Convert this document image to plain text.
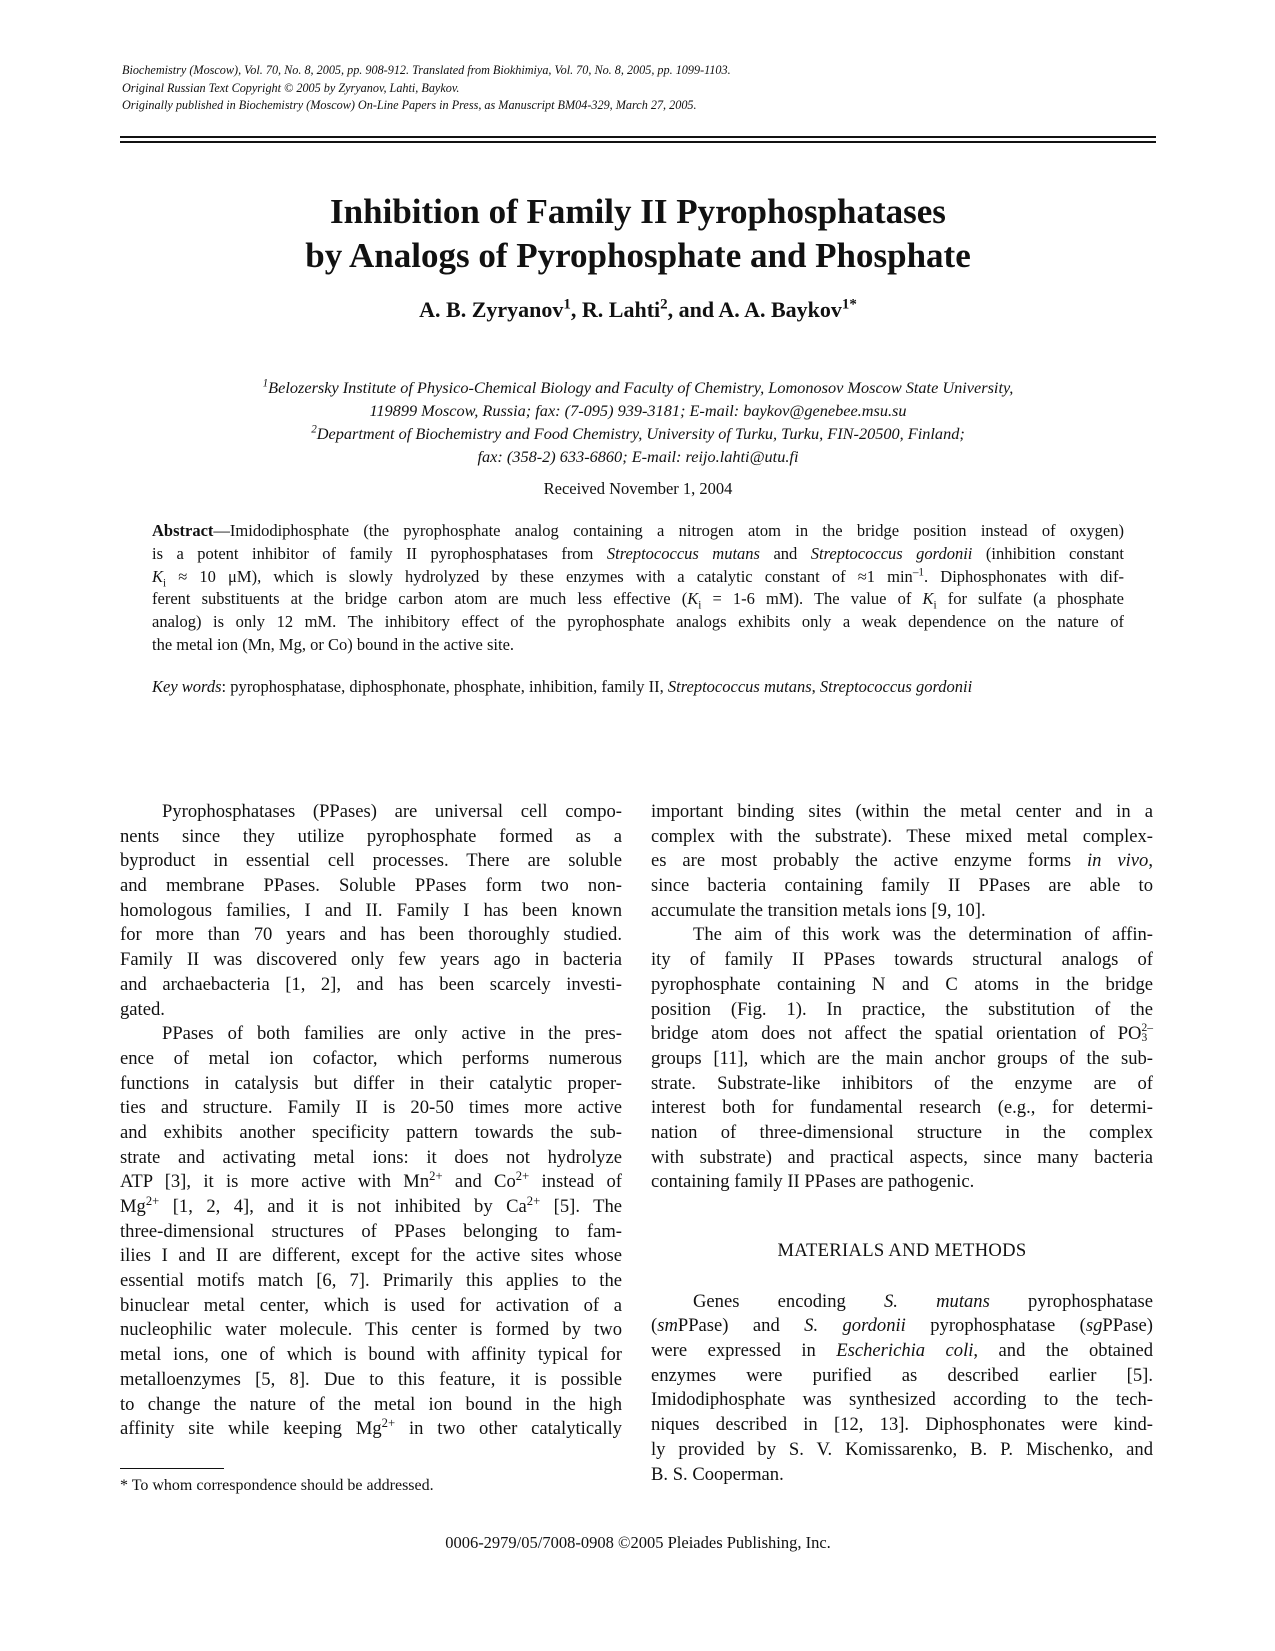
Biochemistry (Moscow), Vol. 70, No. 8, 2005, pp. 908-912. Translated from Biokhimiya, Vol. 70, No. 8, 2005, pp. 1099-1103.
Original Russian Text Copyright © 2005 by Zyryanov, Lahti, Baykov.
Originally published in Biochemistry (Moscow) On-Line Papers in Press, as Manuscript BM04-329, March 27, 2005.
Inhibition of Family II Pyrophosphatases
by Analogs of Pyrophosphate and Phosphate
A. B. Zyryanov$^1$, R. Lahti$^2$, and A. A. Baykov$^{1*}$
$^1$Belozersky Institute of Physico-Chemical Biology and Faculty of Chemistry, Lomonosov Moscow State University,
119899 Moscow, Russia; fax: (7-095) 939-3181; E-mail: baykov@genebee.msu.su
$^2$Department of Biochemistry and Food Chemistry, University of Turku, Turku, FIN-20500, Finland;
fax: (358-2) 633-6860; E-mail: reijo.lahti@utu.fi
Received November 1, 2004
Abstract—Imidodiphosphate (the pyrophosphate analog containing a nitrogen atom in the bridge position instead of oxygen)
is a potent inhibitor of family II pyrophosphatases from Streptococcus mutans and Streptococcus gordonii (inhibition constant
$K_i \approx 10$ μM), which is slowly hydrolyzed by these enzymes with a catalytic constant of ≈1 $\min^{-1}$. Diphosphonates with dif-
ferent substituents at the bridge carbon atom are much less effective ($K_i = 1-6$ mM). The value of $K_i$ for sulfate (a phosphate
analog) is only 12 mM. The inhibitory effect of the pyrophosphate analogs exhibits only a weak dependence on the nature of
the metal ion (Mn, Mg, or Co) bound in the active site.
Key words: pyrophosphatase, diphosphonate, phosphate, inhibition, family II, Streptococcus mutans, Streptococcus gordonii
Pyrophosphatases (PPases) are universal cell compo-
nents since they utilize pyrophosphate formed as a
byproduct in essential cell processes. There are soluble
and membrane PPases. Soluble PPases form two non-
homologous families, I and II. Family I has been known
for more than 70 years and has been thoroughly studied.
Family II was discovered only few years ago in bacteria
and archaebacteria [1, 2], and has been scarcely investi-
gated.
PPases of both families are only active in the pres-
ence of metal ion cofactor, which performs numerous
functions in catalysis but differ in their catalytic proper-
ties and structure. Family II is 20-50 times more active
and exhibits another specificity pattern towards the sub-
strate and activating metal ions: it does not hydrolyze
ATP [3], it is more active with $Mn^{2+}$ and $Co^{2+}$ instead of
$Mg^{2+}$ [1, 2, 4], and it is not inhibited by $Ca^{2+}$ [5]. The
three-dimensional structures of PPases belonging to fam-
ilies I and II are different, except for the active sites whose
essential motifs match [6, 7]. Primarily this applies to the
binuclear metal center, which is used for activation of a
nucleophilic water molecule. This center is formed by two
metal ions, one of which is bound with affinity typical for
metalloenzymes [5, 8]. Due to this feature, it is possible
to change the nature of the metal ion bound in the high
affinity site while keeping $Mg^{2+}$ in two other catalytically
important binding sites (within the metal center and in a
complex with the substrate). These mixed metal complex-
es are most probably the active enzyme forms in vivo,
since bacteria containing family II PPases are able to
accumulate the transition metals ions [9, 10].
The aim of this work was the determination of affin-
ity of family II PPases towards structural analogs of
pyrophosphate containing N and C atoms in the bridge
position (Fig. 1). In practice, the substitution of the
bridge atom does not affect the spatial orientation of PO 2–
3
groups [11], which are the main anchor groups of the sub-
strate. Substrate-like inhibitors of the enzyme are of
interest both for fundamental research (e.g., for determi-
nation of three-dimensional structure in the complex
with substrate) and practical aspects, since many bacteria
containing family II PPases are pathogenic.
MATERIALS AND METHODS
Genes encoding S. mutans pyrophosphatase
(smPPase) and S. gordonii pyrophosphatase (sgPPase)
were expressed in Escherichia coli, and the obtained
enzymes were purified as described earlier [5].
Imidodiphosphate was synthesized according to the tech-
niques described in [12, 13]. Diphosphonates were kind-
ly provided by S. V. Komissarenko, B. P. Mischenko, and
B. S. Cooperman.
* To whom correspondence should be addressed.
0006-2979/05/7008-0908 ©2005 Pleiades Publishing, Inc.
